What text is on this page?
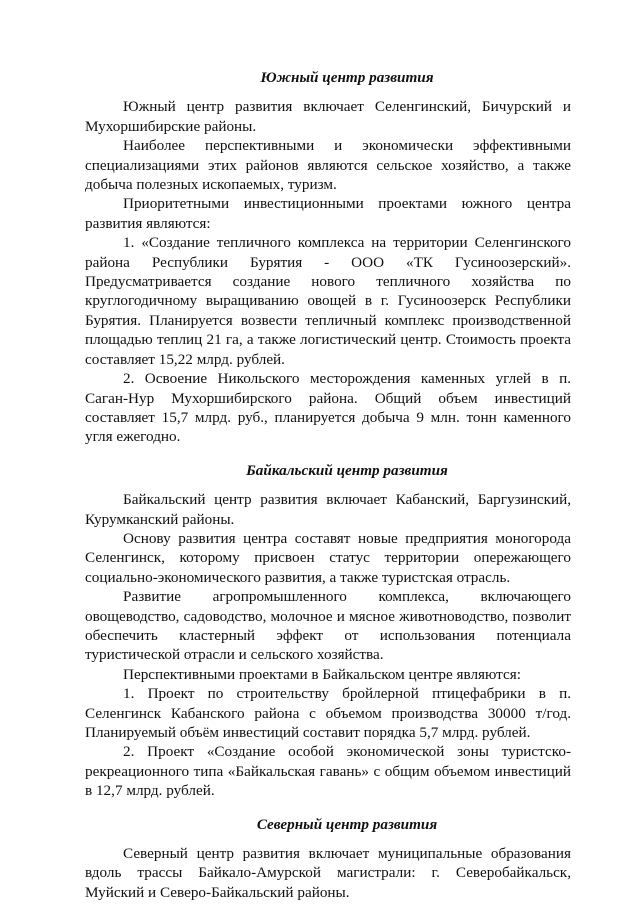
Южный центр развития

Южный центр развития включает Селенгинский, Бичурский и Мухоршибирские районы.

Наиболее перспективными и экономически эффективными специализациями этих районов являются сельское хозяйство, а также добыча полезных ископаемых, туризм.

Приоритетными инвестиционными проектами южного центра развития являются:

1. «Создание тепличного комплекса на территории Селенгинского района Республики Бурятия - ООО «ТК Гусиноозерский». Предусматривается создание нового тепличного хозяйства по круглогодичному выращиванию овощей в г. Гусиноозерск Республики Бурятия. Планируется возвести тепличный комплекс производственной площадью теплиц 21 га, а также логистический центр. Стоимость проекта составляет 15,22 млрд. рублей.

2. Освоение Никольского месторождения каменных углей в п. Саган-Нур Мухоршибирского района. Общий объем инвестиций составляет 15,7 млрд. руб., планируется добыча 9 млн. тонн каменного угля ежегодно.

Байкальский центр развития

Байкальский центр развития включает Кабанский, Баргузинский, Курумканский районы.

Основу развития центра составят новые предприятия моногорода Селенгинск, которому присвоен статус территории опережающего социально-экономического развития, а также туристская отрасль.

Развитие агропромышленного комплекса, включающего овощеводство, садоводство, молочное и мясное животноводство, позволит обеспечить кластерный эффект от использования потенциала туристической отрасли и сельского хозяйства.

Перспективными проектами в Байкальском центре являются:

1. Проект по строительству бройлерной птицефабрики в п. Селенгинск Кабанского района с объемом производства 30000 т/год. Планируемый объём инвестиций составит порядка 5,7 млрд. рублей.

2. Проект «Создание особой экономической зоны туристско-рекреационного типа «Байкальская гавань» с общим объемом инвестиций в 12,7 млрд. рублей.

Северный центр развития

Северный центр развития включает муниципальные образования вдоль трассы Байкало-Амурской магистрали: г. Северобайкальск, Муйский и Северо-Байкальский районы.
